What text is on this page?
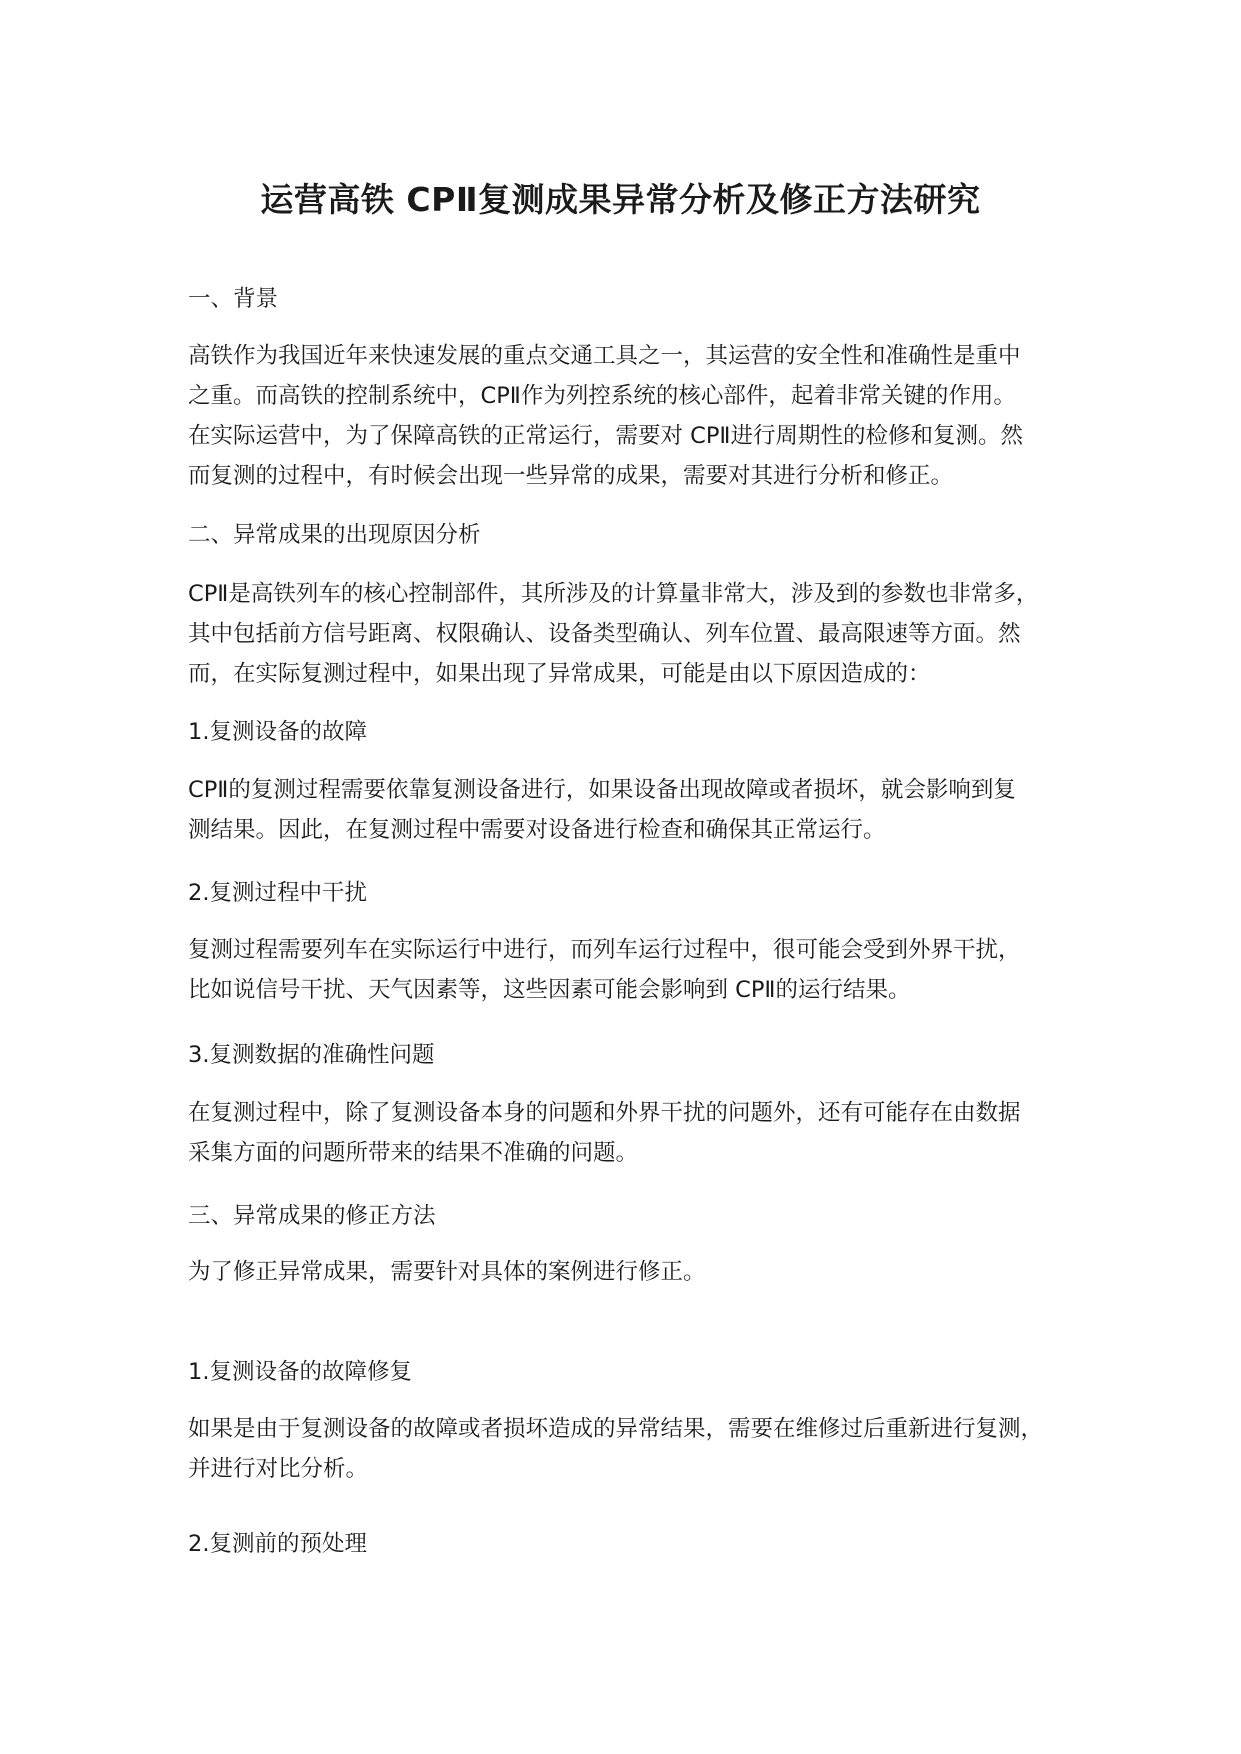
运营高铁 CPⅡ复测成果异常分析及修正方法研究
一、背景
高铁作为我国近年来快速发展的重点交通工具之一，其运营的安全性和准确性是重中
之重。而高铁的控制系统中，CPⅡ作为列控系统的核心部件，起着非常关键的作用。
在实际运营中，为了保障高铁的正常运行，需要对 CPⅡ进行周期性的检修和复测。然
而复测的过程中，有时候会出现一些异常的成果，需要对其进行分析和修正。
二、异常成果的出现原因分析
CPⅡ是高铁列车的核心控制部件，其所涉及的计算量非常大，涉及到的参数也非常多，
其中包括前方信号距离、权限确认、设备类型确认、列车位置、最高限速等方面。然
而，在实际复测过程中，如果出现了异常成果，可能是由以下原因造成的：
1.复测设备的故障
CPⅡ的复测过程需要依靠复测设备进行，如果设备出现故障或者损坏，就会影响到复
测结果。因此，在复测过程中需要对设备进行检查和确保其正常运行。
2.复测过程中干扰
复测过程需要列车在实际运行中进行，而列车运行过程中，很可能会受到外界干扰，
比如说信号干扰、天气因素等，这些因素可能会影响到 CPⅡ的运行结果。
3.复测数据的准确性问题
在复测过程中，除了复测设备本身的问题和外界干扰的问题外，还有可能存在由数据
采集方面的问题所带来的结果不准确的问题。
三、异常成果的修正方法
为了修正异常成果，需要针对具体的案例进行修正。
1.复测设备的故障修复
如果是由于复测设备的故障或者损坏造成的异常结果，需要在维修过后重新进行复测，
并进行对比分析。
2.复测前的预处理
